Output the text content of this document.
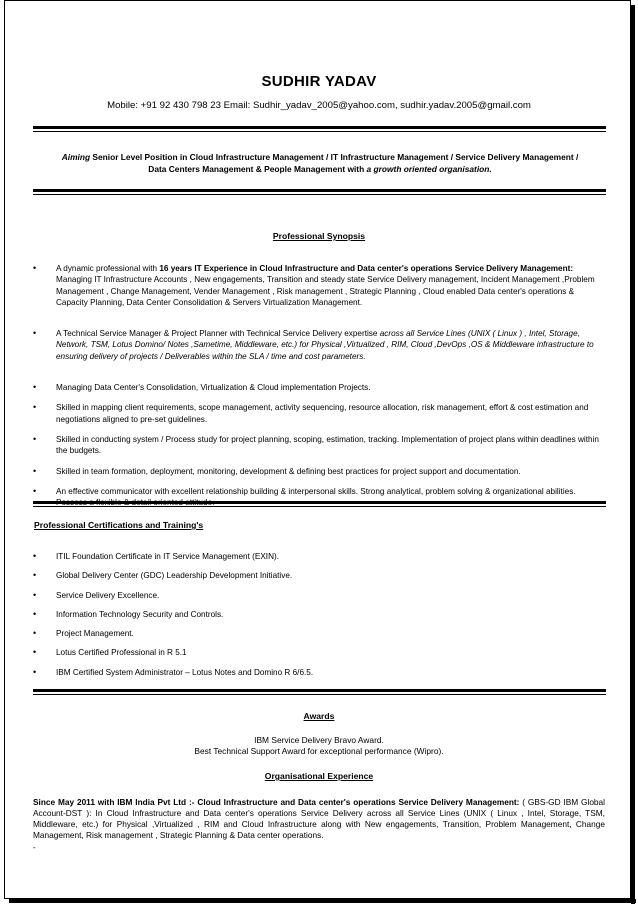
SUDHIR YADAV
Mobile: +91 92 430 798 23 Email: Sudhir_yadav_2005@yahoo.com, sudhir.yadav.2005@gmail.com
Aiming Senior Level Position in Cloud Infrastructure Management / IT Infrastructure Management / Service Delivery Management / Data Centers Management & People Management with a growth oriented organisation.
Professional Synopsis
• A dynamic professional with 16 years IT Experience in Cloud Infrastructure and Data center's operations Service Delivery Management: Managing IT Infrastructure Accounts , New engagements, Transition and steady state Service Delivery management, Incident Management ,Problem Management , Change Management, Vender Management , Risk management , Strategic Planning , Cloud enabled Data center's operations & Capacity Planning, Data Center Consolidation & Servers Virtualization Management.
• A Technical Service Manager & Project Planner with Technical Service Delivery expertise across all Service Lines (UNIX ( Linux ) , Intel, Storage, Network, TSM, Lotus Domino/ Notes ,Sametime, Middleware, etc.) for Physical ,Virtualized , RIM, Cloud ,DevOps ,OS & Middleware infrastructure to ensuring delivery of projects / Deliverables within the SLA / time and cost parameters.
• Managing Data Center's Consolidation, Virtualization & Cloud implementation Projects.
• Skilled in mapping client requirements, scope management, activity sequencing, resource allocation, risk management, effort & cost estimation and negotiations aligned to pre-set guidelines.
• Skilled in conducting system / Process study for project planning, scoping, estimation, tracking. Implementation of project plans within deadlines within the budgets.
• Skilled in team formation, deployment, monitoring, development & defining best practices for project support and documentation.
• An effective communicator with excellent relationship building & interpersonal skills. Strong analytical, problem solving & organizational abilities.
Professional Certifications and Training's
• ITIL Foundation Certificate in IT Service Management (EXIN).
• Global Delivery Center (GDC) Leadership Development Initiative.
• Service Delivery Excellence.
• Information Technology Security and Controls.
• Project Management.
• Lotus Certified Professional in R 5.1
• IBM Certified System Administrator – Lotus Notes and Domino R 6/6.5.
Awards
IBM Service Delivery Bravo Award.
Best Technical Support Award for exceptional performance (Wipro).
Organisational Experience
Since May 2011 with IBM India Pvt Ltd :- Cloud Infrastructure and Data center's operations Service Delivery Management: ( GBS-GD IBM Global Account-DST ): In Cloud Infrastructure and Data center's operations Service Delivery across all Service Lines (UNIX ( Linux , Intel, Storage, TSM, Middleware, etc.) for Physical ,Virtualized , RIM and Cloud Infrastructure along with New engagements, Transition, Problem Management, Change Management, Risk management , Strategic Planning & Data center operations.
-
